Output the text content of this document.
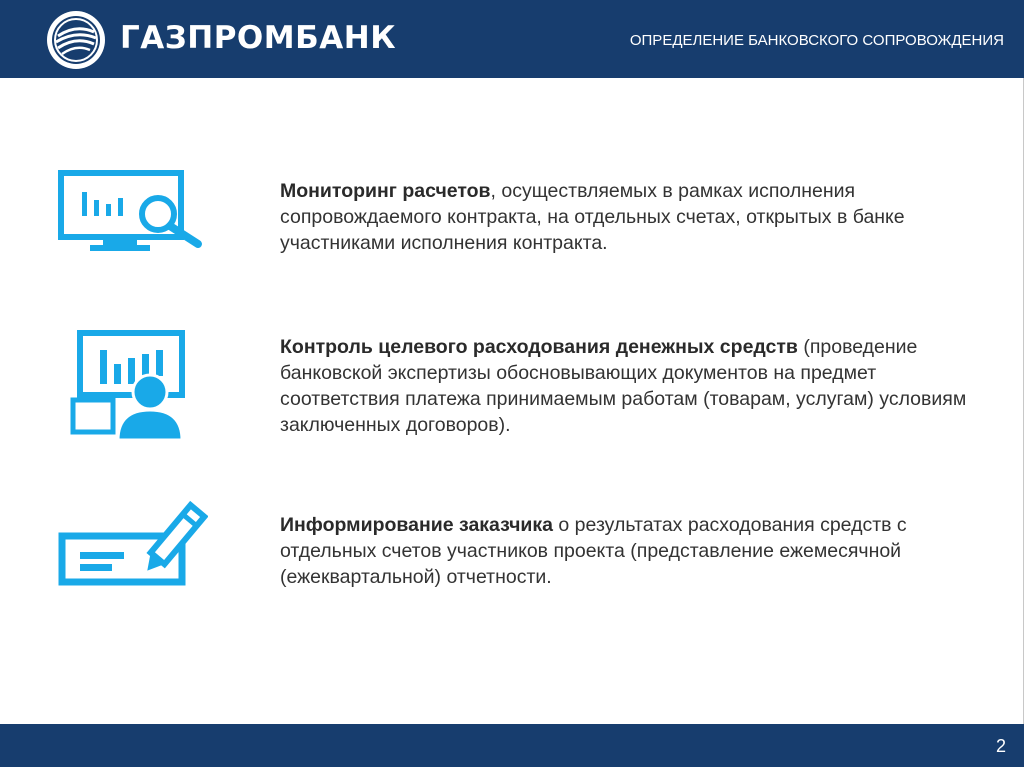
ГАЗПРОМБАНК	ОПРЕДЕЛЕНИЕ БАНКОВСКОГО СОПРОВОЖДЕНИЯ
Мониторинг расчетов, осуществляемых в рамках исполнения сопровождаемого контракта, на отдельных счетах, открытых в банке участниками исполнения контракта.
Контроль целевого расходования денежных средств (проведение банковской экспертизы обосновывающих документов на предмет соответствия платежа принимаемым работам (товарам, услугам) условиям заключенных договоров).
Информирование заказчика о результатах расходования средств с отдельных счетов участников проекта (представление ежемесячной (ежеквартальной) отчетности.
2
